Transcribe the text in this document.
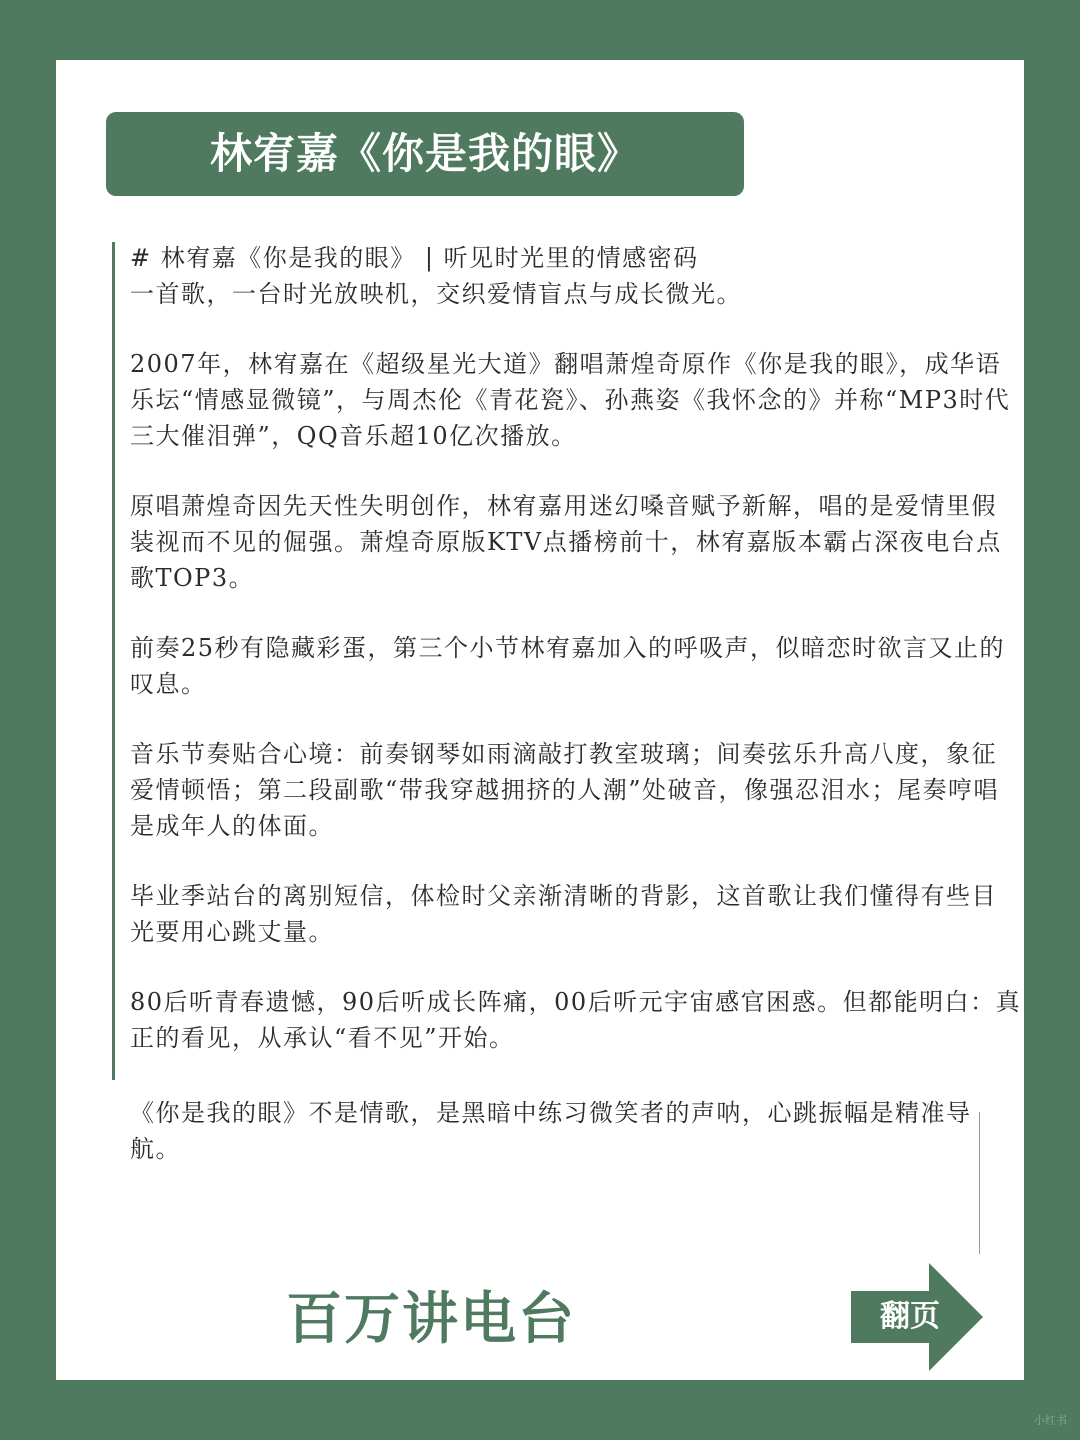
林宥嘉《你是我的眼》
# 林宥嘉《你是我的眼》 | 听见时光里的情感密码
一首歌，一台时光放映机，交织爱情盲点与成长微光。
2007年，林宥嘉在《超级星光大道》翻唱萧煌奇原作《你是我的眼》，成华语
乐坛“情感显微镜”，与周杰伦《青花瓷》、孙燕姿《我怀念的》并称“MP3时代
三大催泪弹”，QQ音乐超10亿次播放。
原唱萧煌奇因先天性失明创作，林宥嘉用迷幻嗓音赋予新解，唱的是爱情里假
装视而不见的倔强。萧煌奇原版KTV点播榜前十，林宥嘉版本霸占深夜电台点
歌TOP3。
前奏25秒有隐藏彩蛋，第三个小节林宥嘉加入的呼吸声，似暗恋时欲言又止的
叹息。
音乐节奏贴合心境：前奏钢琴如雨滴敲打教室玻璃；间奏弦乐升高八度，象征
爱情顿悟；第二段副歌“带我穿越拥挤的人潮”处破音，像强忍泪水；尾奏哼唱
是成年人的体面。
毕业季站台的离别短信，体检时父亲渐清晰的背影，这首歌让我们懂得有些目
光要用心跳丈量。
80后听青春遗憾，90后听成长阵痛，00后听元宇宙感官困惑。但都能明白：真
正的看见，从承认“看不见”开始。
《你是我的眼》不是情歌，是黑暗中练习微笑者的声呐，心跳振幅是精准导
航。
百万讲电台	翻页
小红书
